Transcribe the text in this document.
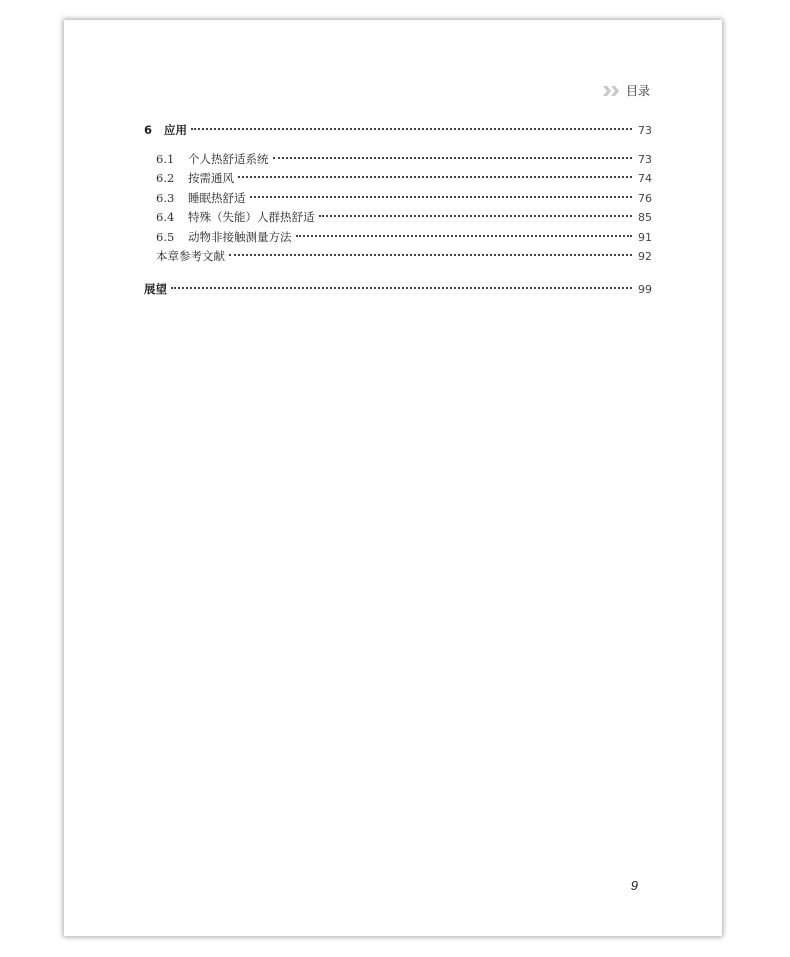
目录
6	应用	73
6.1	个人热舒适系统	73
6.2	按需通风	74
6.3	睡眠热舒适	76
6.4	特殊（失能）人群热舒适	85
6.5	动物非接触测量方法	91
本章参考文献	92
展望	99
9
